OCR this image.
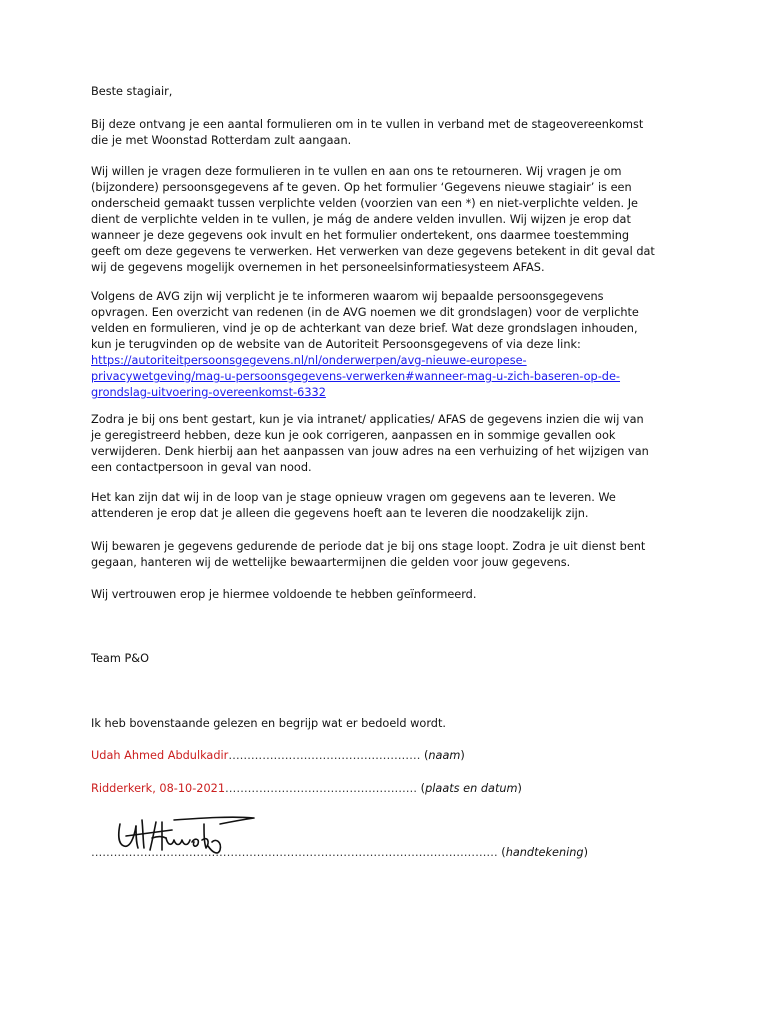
Beste stagiair,

Bij deze ontvang je een aantal formulieren om in te vullen in verband met de stageovereenkomst

die je met Woonstad Rotterdam zult aangaan.

Wij willen je vragen deze formulieren in te vullen en aan ons te retourneren. Wij vragen je om

(bijzondere) persoonsgegevens af te geven. Op het formulier ‘Gegevens nieuwe stagiair’ is een

onderscheid gemaakt tussen verplichte velden (voorzien van een *) en niet-verplichte velden. Je

dient de verplichte velden in te vullen, je mág de andere velden invullen. Wij wijzen je erop dat

wanneer je deze gegevens ook invult en het formulier ondertekent, ons daarmee toestemming

geeft om deze gegevens te verwerken. Het verwerken van deze gegevens betekent in dit geval dat

wij de gegevens mogelijk overnemen in het personeelsinformatiesysteem AFAS.

Volgens de AVG zijn wij verplicht je te informeren waarom wij bepaalde persoonsgegevens

opvragen. Een overzicht van redenen (in de AVG noemen we dit grondslagen) voor de verplichte

velden en formulieren, vind je op de achterkant van deze brief. Wat deze grondslagen inhouden,

kun je terugvinden op de website van de Autoriteit Persoonsgegevens of via deze link:

https://autoriteitpersoonsgegevens.nl/nl/onderwerpen/avg-nieuwe-europese-

privacywetgeving/mag-u-persoonsgegevens-verwerken#wanneer-mag-u-zich-baseren-op-de-

grondslag-uitvoering-overeenkomst-6332

Zodra je bij ons bent gestart, kun je via intranet/ applicaties/ AFAS de gegevens inzien die wij van

je geregistreerd hebben, deze kun je ook corrigeren, aanpassen en in sommige gevallen ook

verwijderen. Denk hierbij aan het aanpassen van jouw adres na een verhuizing of het wijzigen van

een contactpersoon in geval van nood.

Het kan zijn dat wij in de loop van je stage opnieuw vragen om gegevens aan te leveren. We

attenderen je erop dat je alleen die gegevens hoeft aan te leveren die noodzakelijk zijn.

Wij bewaren je gegevens gedurende de periode dat je bij ons stage loopt. Zodra je uit dienst bent

gegaan, hanteren wij de wettelijke bewaartermijnen die gelden voor jouw gegevens.

Wij vertrouwen erop je hiermee voldoende te hebben geïnformeerd.

Team P&O

Ik heb bovenstaande gelezen en begrijp wat er bedoeld wordt.

Udah Ahmed Abdulkadir…………………………………………… (naam)

Ridderkerk, 08-10-2021…………………………………………… (plaats en datum)

……………………………………………………………………………………………… (handtekening)
